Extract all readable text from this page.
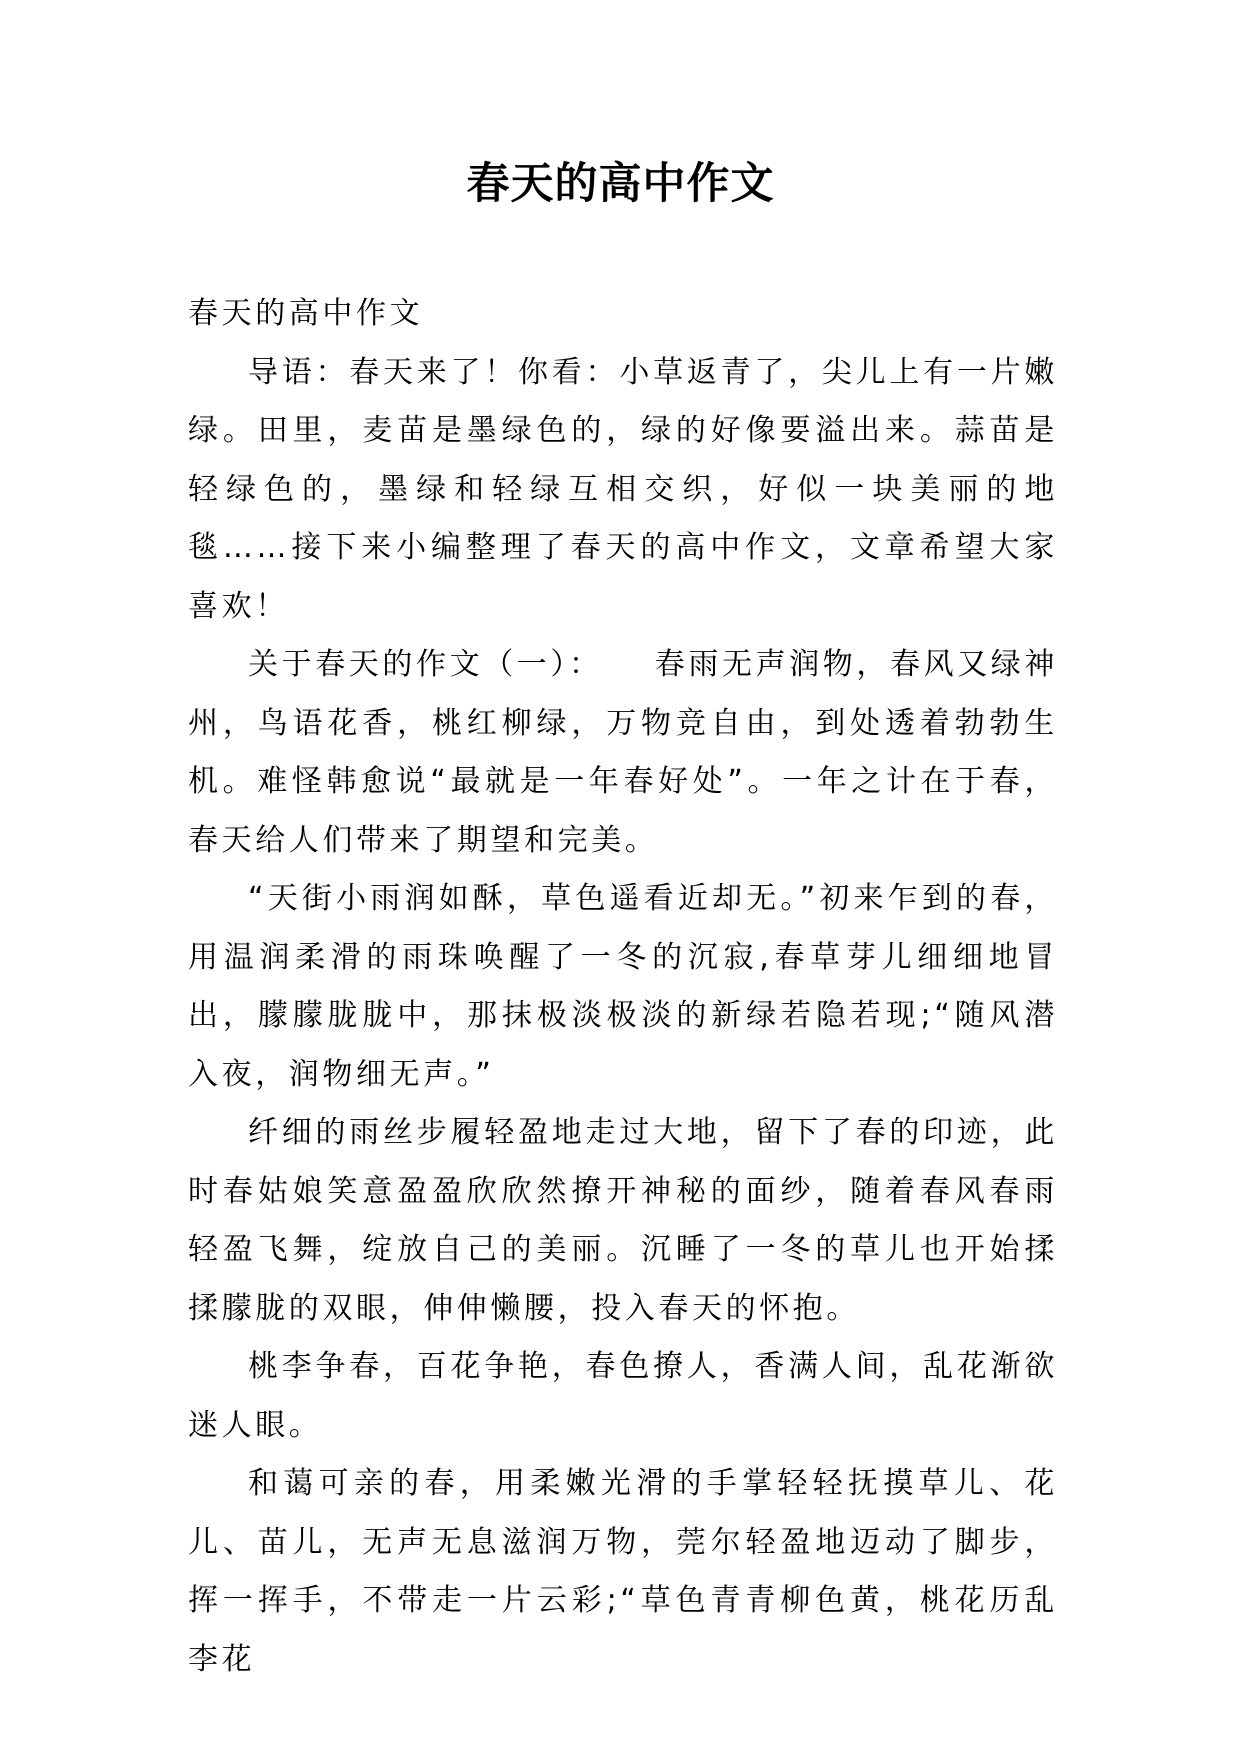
春天的高中作文

春天的高中作文

导语：春天来了！你看：小草返青了，尖儿上有一片嫩绿。田里，麦苗是墨绿色的，绿的好像要溢出来。蒜苗是轻绿色的，墨绿和轻绿互相交织，好似一块美丽的地毯……接下来小编整理了春天的高中作文，文章希望大家喜欢！

关于春天的作文（一）：　　春雨无声润物，春风又绿神州，鸟语花香，桃红柳绿，万物竞自由，到处透着勃勃生机。难怪韩愈说“最就是一年春好处”。一年之计在于春，春天给人们带来了期望和完美。

“天街小雨润如酥，草色遥看近却无。”初来乍到的春，用温润柔滑的雨珠唤醒了一冬的沉寂,春草芽儿细细地冒出，朦朦胧胧中，那抹极淡极淡的新绿若隐若现;“随风潜入夜，润物细无声。”

纤细的雨丝步履轻盈地走过大地，留下了春的印迹，此时春姑娘笑意盈盈欣欣然撩开神秘的面纱，随着春风春雨轻盈飞舞，绽放自己的美丽。沉睡了一冬的草儿也开始揉揉朦胧的双眼，伸伸懒腰，投入春天的怀抱。

桃李争春，百花争艳，春色撩人，香满人间，乱花渐欲迷人眼。

和蔼可亲的春，用柔嫩光滑的手掌轻轻抚摸草儿、花儿、苗儿，无声无息滋润万物，莞尔轻盈地迈动了脚步，挥一挥手，不带走一片云彩;“草色青青柳色黄，桃花历乱李花
